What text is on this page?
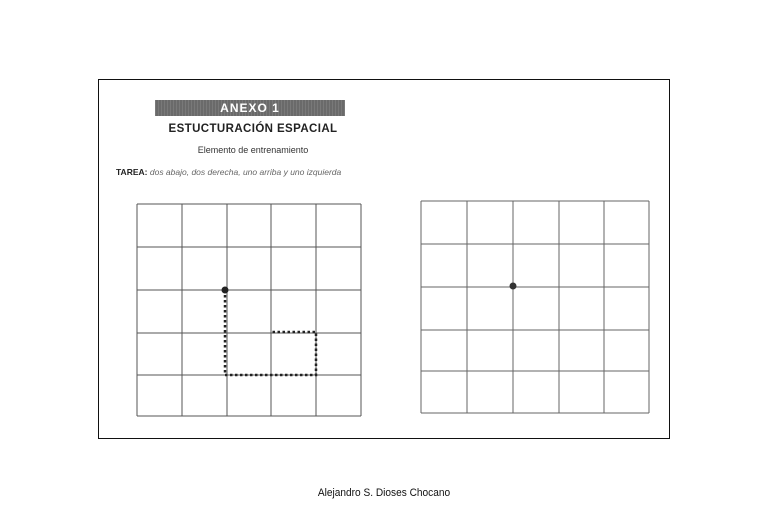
ANEXO 1
ESTUCTURACIÓN ESPACIAL
Elemento de entrenamiento
TAREA: dos abajo, dos derecha, uno arriba y uno izquierda
Alejandro S. Dioses Chocano
